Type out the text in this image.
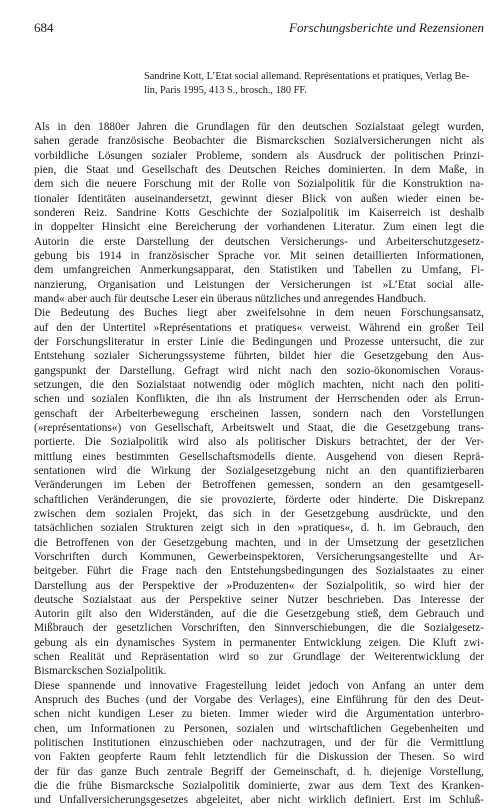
684	Forschungsberichte und Rezensionen
Sandrine Kott, L’Etat social allemand. Représentations et pratiques, Verlag Be-
lin, Paris 1995, 413 S., brosch., 180 FF.
Als in den 1880er Jahren die Grundlagen für den deutschen Sozialstaat gelegt wurden,
sahen gerade französische Beobachter die Bismarckschen Sozialversicherungen nicht als
vorbildliche Lösungen sozialer Probleme, sondern als Ausdruck der politischen Prinzi-
pien, die Staat und Gesellschaft des Deutschen Reiches dominierten. In dem Maße, in
dem sich die neuere Forschung mit der Rolle von Sozialpolitik für die Konstruktion na-
tionaler Identitäten auseinandersetzt, gewinnt dieser Blick von außen wieder einen be-
sonderen Reiz. Sandrine Kotts Geschichte der Sozialpolitik im Kaiserreich ist deshalb
in doppelter Hinsicht eine Bereicherung der vorhandenen Literatur. Zum einen legt die
Autorin die erste Darstellung der deutschen Versicherungs- und Arbeiterschutzgesetz-
gebung bis 1914 in französischer Sprache vor. Mit seinen detaillierten Informationen,
dem umfangreichen Anmerkungsapparat, den Statistiken und Tabellen zu Umfang, Fi-
nanzierung, Organisation und Leistungen der Versicherungen ist »L’Etat social alle-
mand« aber auch für deutsche Leser ein überaus nützliches und anregendes Handbuch.
Die Bedeutung des Buches liegt aber zweifelsohne in dem neuen Forschungsansatz,
auf den der Untertitel »Représentations et pratiques« verweist. Während ein großer Teil
der Forschungsliteratur in erster Linie die Bedingungen und Prozesse untersucht, die zur
Entstehung sozialer Sicherungssysteme führten, bildet hier die Gesetzgebung den Aus-
gangspunkt der Darstellung. Gefragt wird nicht nach den sozio-ökonomischen Voraus-
setzungen, die den Sozialstaat notwendig oder möglich machten, nicht nach den politi-
schen und sozialen Konflikten, die ihn als Instrument der Herrschenden oder als Errun-
genschaft der Arbeiterbewegung erscheinen lassen, sondern nach den Vorstellungen
(»représentations«) von Gesellschaft, Arbeitswelt und Staat, die die Gesetzgebung trans-
portierte. Die Sozialpolitik wird also als politischer Diskurs betrachtet, der der Ver-
mittlung eines bestimmten Gesellschaftsmodells diente. Ausgehend von diesen Reprä-
sentationen wird die Wirkung der Sozialgesetzgebung nicht an den quantifizierbaren
Veränderungen im Leben der Betroffenen gemessen, sondern an den gesamtgesell-
schaftlichen Veränderungen, die sie provozierte, förderte oder hinderte. Die Diskrepanz
zwischen dem sozialen Projekt, das sich in der Gesetzgebung ausdrückte, und den
tatsächlichen sozialen Strukturen zeigt sich in den »pratiques«, d. h. im Gebrauch, den
die Betroffenen von der Gesetzgebung machten, und in der Umsetzung der gesetzlichen
Vorschriften durch Kommunen, Gewerbeinspektoren, Versicherungsangestellte und Ar-
beitgeber. Führt die Frage nach den Entstehungsbedingungen des Sozialstaates zu einer
Darstellung aus der Perspektive der »Produzenten« der Sozialpolitik, so wird hier der
deutsche Sozialstaat aus der Perspektive seiner Nutzer beschrieben. Das Interesse der
Autorin gilt also den Widerständen, auf die die Gesetzgebung stieß, dem Gebrauch und
Mißbrauch der gesetzlichen Vorschriften, den Sinnverschiebungen, die die Sozialgesetz-
gebung als ein dynamisches System in permanenter Entwicklung zeigen. Die Kluft zwi-
schen Realität und Repräsentation wird so zur Grundlage der Weiterentwicklung der
Bismarckschen Sozialpolitik.
Diese spannende und innovative Fragestellung leidet jedoch von Anfang an unter dem
Anspruch des Buches (und der Vorgabe des Verlages), eine Einführung für den des Deut-
schen nicht kundigen Leser zu bieten. Immer wieder wird die Argumentation unterbro-
chen, um Informationen zu Personen, sozialen und wirtschaftlichen Gegebenheiten und
politischen Institutionen einzuschieben oder nachzutragen, und der für die Vermittlung
von Fakten geopferte Raum fehlt letztendlich für die Diskussion der Thesen. So wird
der für das ganze Buch zentrale Begriff der Gemeinschaft, d. h. diejenige Vorstellung,
die die frühe Bismarcksche Sozialpolitik dominierte, zwar aus dem Text des Kranken-
und Unfallversicherungsgesetzes abgeleitet, aber nicht wirklich definiert. Erst im Schluß-
